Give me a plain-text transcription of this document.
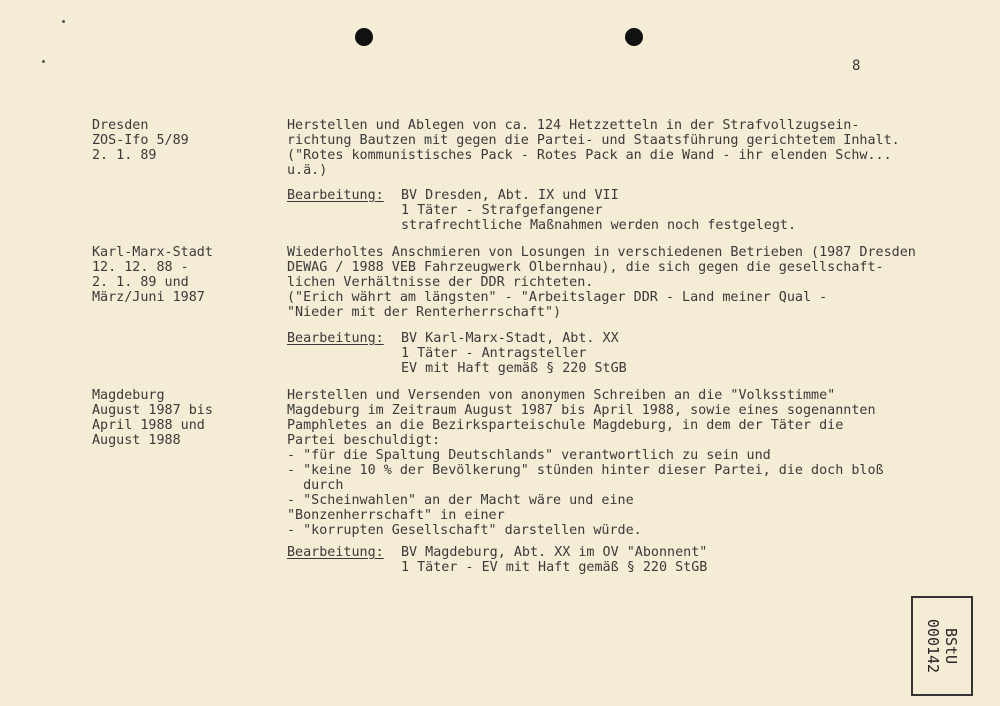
8
Dresden
ZOS-Ifo 5/89
2. 1. 89
Herstellen und Ablegen von ca. 124 Hetzzetteln in der Strafvollzugsein-
richtung Bautzen mit gegen die Partei- und Staatsführung gerichtetem Inhalt.
("Rotes kommunistisches Pack - Rotes Pack an die Wand - ihr elenden Schw...
u.ä.)
Bearbeitung: BV Dresden, Abt. IX und VII
1 Täter - Strafgefangener
strafrechtliche Maßnahmen werden noch festgelegt.
Karl-Marx-Stadt
12. 12. 88 -
2. 1. 89 und
März/Juni 1987
Wiederholtes Anschmieren von Losungen in verschiedenen Betrieben (1987 Dresden
DEWAG / 1988 VEB Fahrzeugwerk Olbernhau), die sich gegen die gesellschaft-
lichen Verhältnisse der DDR richteten.
("Erich währt am längsten" - "Arbeitslager DDR - Land meiner Qual -
"Nieder mit der Renterherrschaft")
Bearbeitung: BV Karl-Marx-Stadt, Abt. XX
1 Täter - Antragsteller
EV mit Haft gemäß § 220 StGB
Magdeburg
August 1987 bis
April 1988 und
August 1988
Herstellen und Versenden von anonymen Schreiben an die "Volksstimme"
Magdeburg im Zeitraum August 1987 bis April 1988, sowie eines sogenannten
Pamphletes an die Bezirksparteischule Magdeburg, in dem der Täter die
Partei beschuldigt:
- "für die Spaltung Deutschlands" verantwortlich zu sein und
- "keine 10 % der Bevölkerung" stünden hinter dieser Partei, die doch bloß
durch
- "Scheinwahlen" an der Macht wäre und eine
"Bonzenherrschaft" in einer
- "korrupten Gesellschaft" darstellen würde.
Bearbeitung: BV Magdeburg, Abt. XX im OV "Abonnent"
1 Täter - EV mit Haft gemäß § 220 StGB
BStU
000142
